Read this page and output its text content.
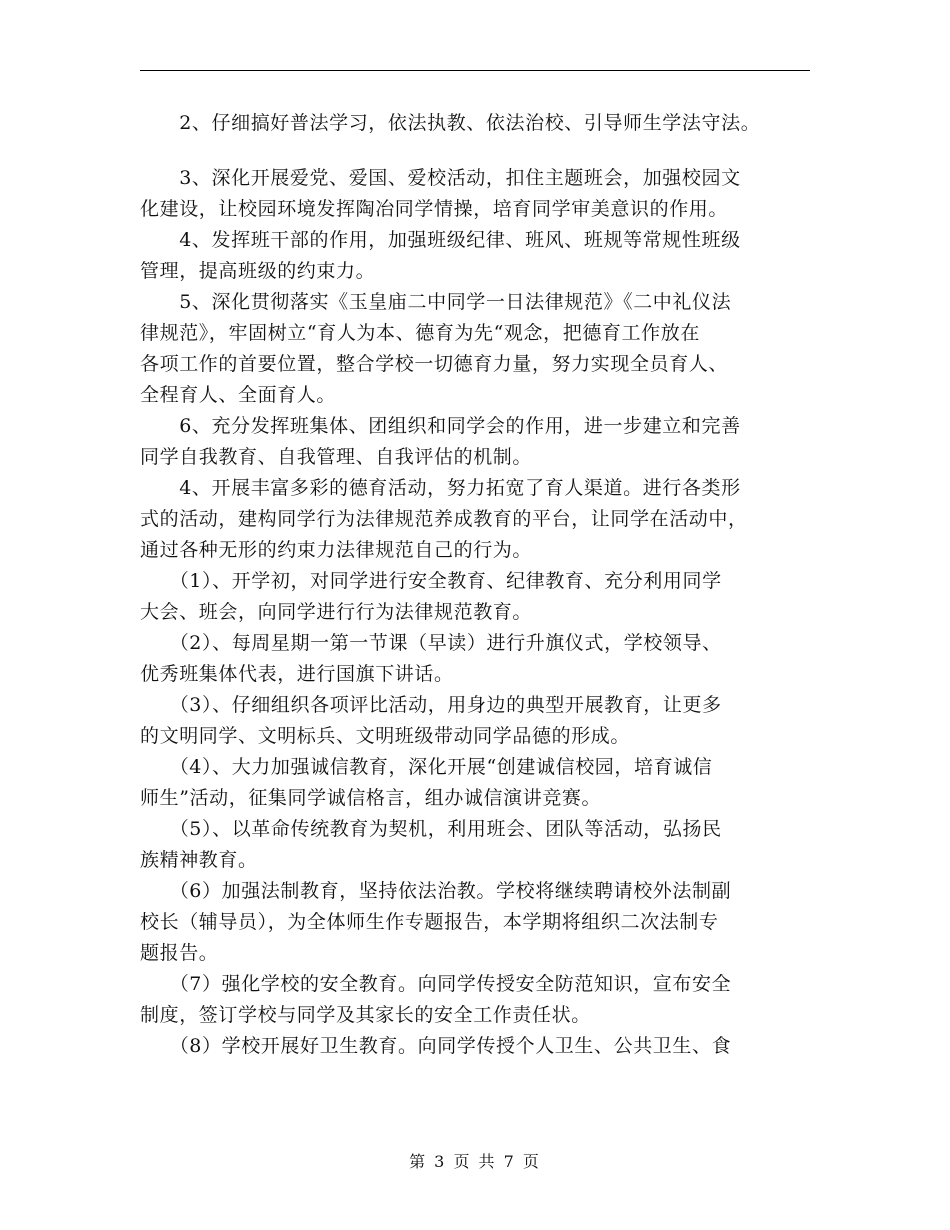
　　2、仔细搞好普法学习，依法执教、依法治校、引导师生学法守法。
　　3、深化开展爱党、爱国、爱校活动，扣住主题班会，加强校园文
化建设，让校园环境发挥陶冶同学情操，培育同学审美意识的作用。
　　4、发挥班干部的作用，加强班级纪律、班风、班规等常规性班级
管理，提高班级的约束力。
　　5、深化贯彻落实《玉皇庙二中同学一日法律规范》《二中礼仪法
律规范》，牢固树立“育人为本、德育为先“观念，把德育工作放在
各项工作的首要位置，整合学校一切德育力量，努力实现全员育人、
全程育人、全面育人。
　　6、充分发挥班集体、团组织和同学会的作用，进一步建立和完善
同学自我教育、自我管理、自我评估的机制。
　　4、开展丰富多彩的德育活动，努力拓宽了育人渠道。进行各类形
式的活动，建构同学行为法律规范养成教育的平台，让同学在活动中，
通过各种无形的约束力法律规范自己的行为。
　　（1）、开学初，对同学进行安全教育、纪律教育、充分利用同学
大会、班会，向同学进行行为法律规范教育。
　　（2）、每周星期一第一节课（早读）进行升旗仪式，学校领导、
优秀班集体代表，进行国旗下讲话。
　　（3）、仔细组织各项评比活动，用身边的典型开展教育，让更多
的文明同学、文明标兵、文明班级带动同学品德的形成。
　　（4）、大力加强诚信教育，深化开展“创建诚信校园，培育诚信
师生”活动，征集同学诚信格言，组办诚信演讲竞赛。
　　（5）、以革命传统教育为契机，利用班会、团队等活动，弘扬民
族精神教育。
　　（6）加强法制教育，坚持依法治教。学校将继续聘请校外法制副
校长（辅导员），为全体师生作专题报告，本学期将组织二次法制专
题报告。
　　（7）强化学校的安全教育。向同学传授安全防范知识，宣布安全
制度，签订学校与同学及其家长的安全工作责任状。
　　（8）学校开展好卫生教育。向同学传授个人卫生、公共卫生、食
第 3 页 共 7 页
